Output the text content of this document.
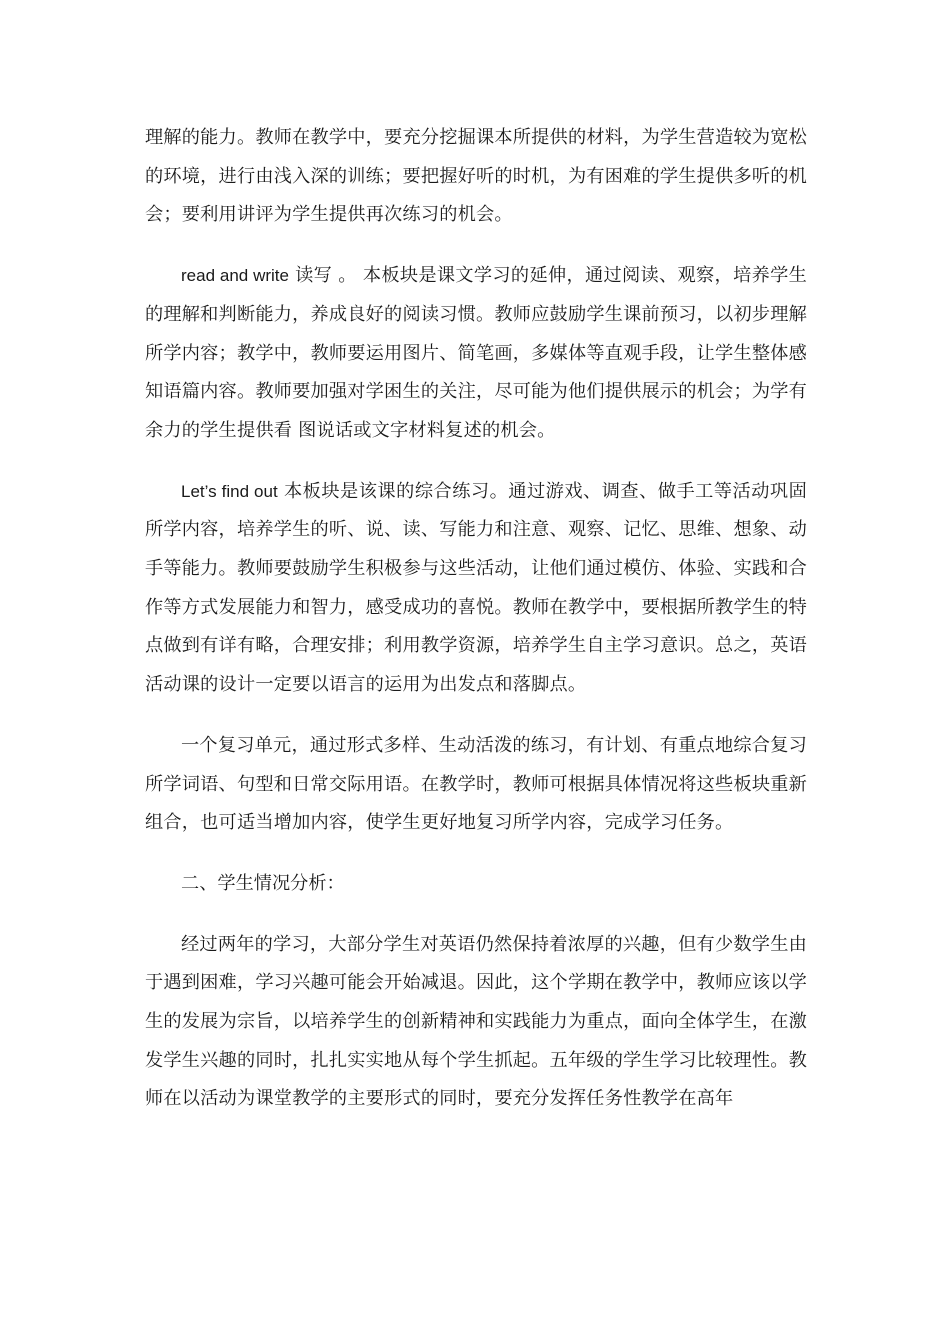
理解的能力。教师在教学中，要充分挖掘课本所提供的材料，为学生营造较为宽松的环境，进行由浅入深的训练；要把握好听的时机，为有困难的学生提供多听的机会；要利用讲评为学生提供再次练习的机会。

read and write 读写 。 本板块是课文学习的延伸，通过阅读、观察，培养学生的理解和判断能力，养成良好的阅读习惯。教师应鼓励学生课前预习，以初步理解所学内容；教学中，教师要运用图片、简笔画，多媒体等直观手段，让学生整体感知语篇内容。教师要加强对学困生的关注，尽可能为他们提供展示的机会；为学有余力的学生提供看 图说话或文字材料复述的机会。

Let’s find out 本板块是该课的综合练习。通过游戏、调查、做手工等活动巩固所学内容，培养学生的听、说、读、写能力和注意、观察、记忆、思维、想象、动手等能力。教师要鼓励学生积极参与这些活动，让他们通过模仿、体验、实践和合作等方式发展能力和智力，感受成功的喜悦。教师在教学中，要根据所教学生的特点做到有详有略，合理安排；利用教学资源，培养学生自主学习意识。总之，英语活动课的设计一定要以语言的运用为出发点和落脚点。

一个复习单元，通过形式多样、生动活泼的练习，有计划、有重点地综合复习所学词语、句型和日常交际用语。在教学时，教师可根据具体情况将这些板块重新组合，也可适当增加内容，使学生更好地复习所学内容，完成学习任务。

二、学生情况分析：

经过两年的学习，大部分学生对英语仍然保持着浓厚的兴趣，但有少数学生由于遇到困难，学习兴趣可能会开始减退。因此，这个学期在教学中，教师应该以学生的发展为宗旨，以培养学生的创新精神和实践能力为重点，面向全体学生，在激发学生兴趣的同时，扎扎实实地从每个学生抓起。五年级的学生学习比较理性。教师在以活动为课堂教学的主要形式的同时，要充分发挥任务性教学在高年
